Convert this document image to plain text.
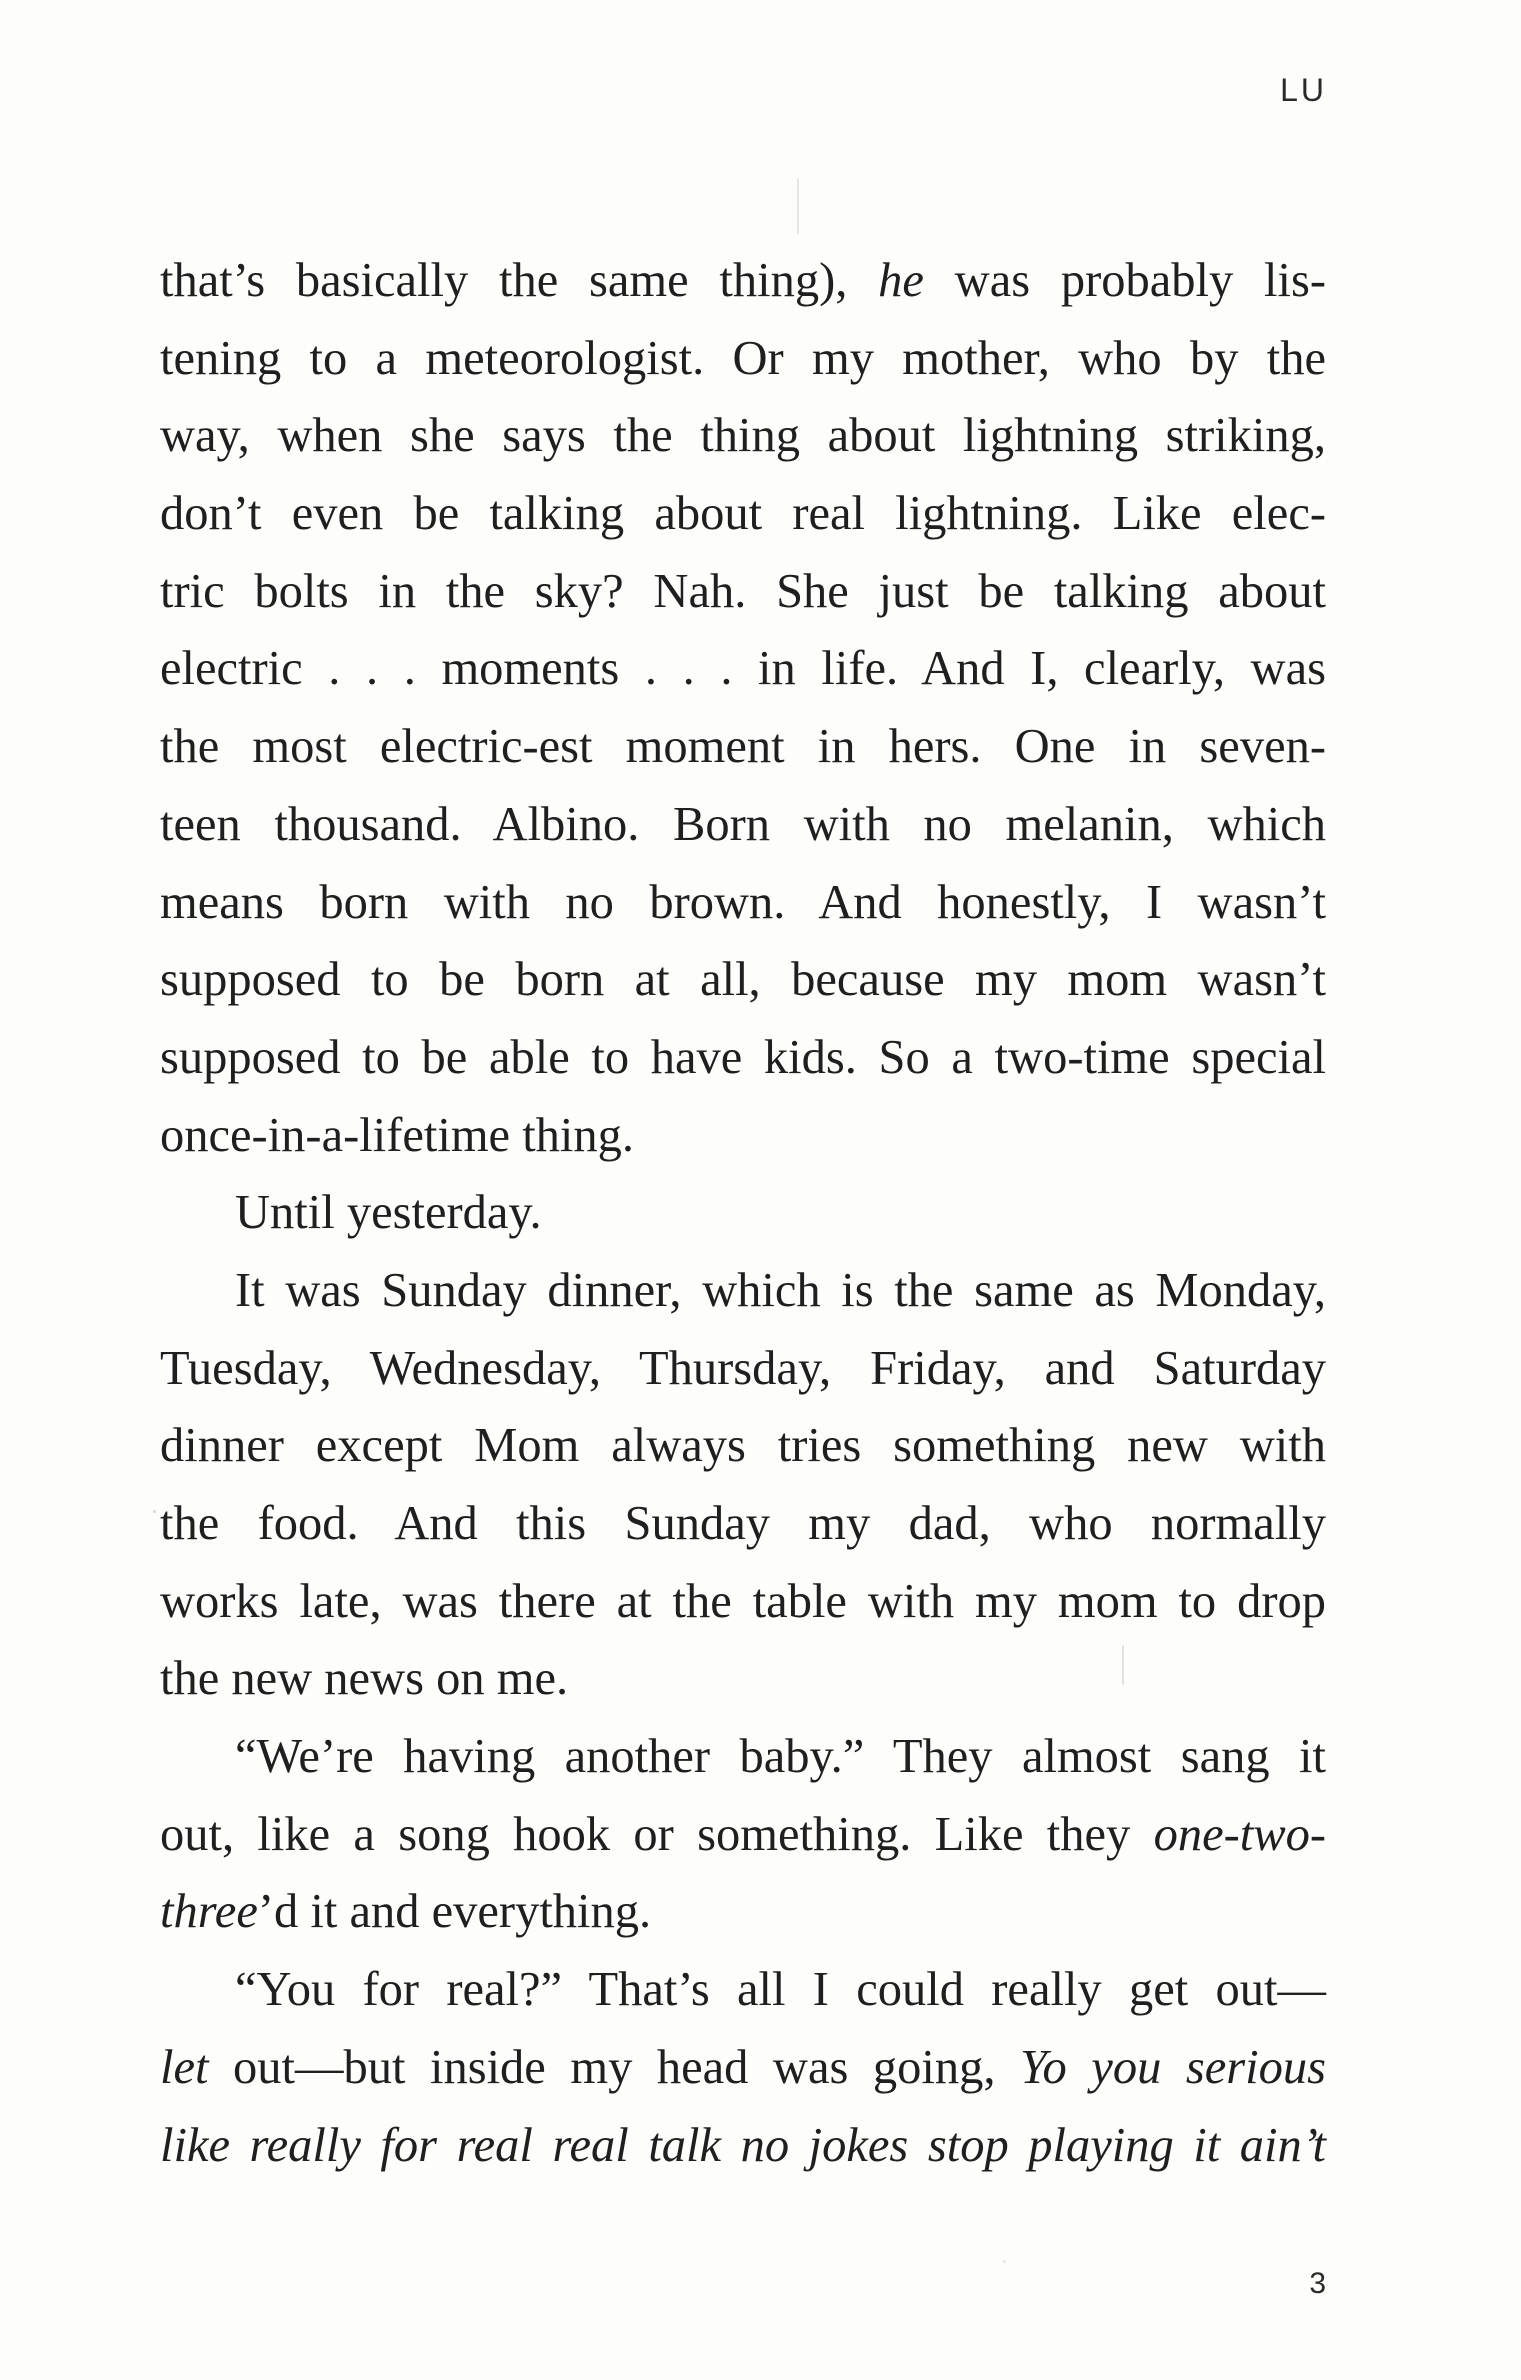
LU
that’s basically the same thing), he was probably lis-
tening to a meteorologist. Or my mother, who by the
way, when she says the thing about lightning striking,
don’t even be talking about real lightning. Like elec-
tric bolts in the sky? Nah. She just be talking about
electric . . . moments . . . in life. And I, clearly, was
the most electric-est moment in hers. One in seven-
teen thousand. Albino. Born with no melanin, which
means born with no brown. And honestly, I wasn’t
supposed to be born at all, because my mom wasn’t
supposed to be able to have kids. So a two-time special
once-in-a-lifetime thing.
Until yesterday.
It was Sunday dinner, which is the same as Monday,
Tuesday, Wednesday, Thursday, Friday, and Saturday
dinner except Mom always tries something new with
the food. And this Sunday my dad, who normally
works late, was there at the table with my mom to drop
the new news on me.
“We’re having another baby.” They almost sang it
out, like a song hook or something. Like they one-two-
three’d it and everything.
“You for real?” That’s all I could really get out—
let out—but inside my head was going, Yo you serious
like really for real real talk no jokes stop playing it ain’t
3
